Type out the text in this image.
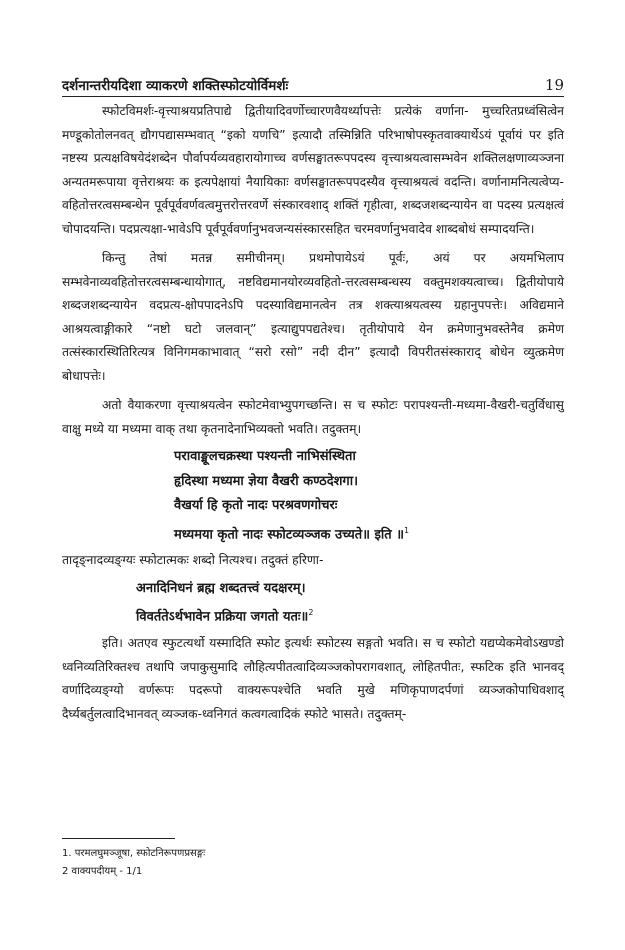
दर्शनान्तरीयदिशा व्याकरणे शक्तिस्फोटयोर्विमर्शः	19

स्फोटविमर्शः-वृत्त्याश्रयप्रतिपाद्ये द्वितीयादिवर्णोच्चारणवैयर्थ्यापत्तेः प्रत्येकं वर्णाना- मुच्चरितप्रध्वंसित्वेन मण्डूकोतोलनवत् द्यौगपद्यासम्भवात् “इको यणचि” इत्यादौ तस्मिन्निति परिभाषोपस्कृतवाक्यार्थेऽयं पूर्वायं पर इति नष्टस्य प्रत्यक्षविषयेदंशब्देन पौर्वापर्यव्यवहारायोगाच्च वर्णसङ्घातरूपपदस्य वृत्त्याश्रयत्वासम्भवेन शक्तिलक्षणाव्यञ्जना अन्यतमरूपाया वृत्तेराश्रयः क इत्यपेक्षायां नैयायिकाः वर्णसङ्घातरूपपदस्यैव वृत्त्याश्रयत्वं वदन्ति। वर्णानामनित्यत्वेप्य-वहितोत्तरत्वसम्बन्धेन पूर्वपूर्ववर्णवत्वमुत्तरोत्तरवर्णे संस्कारवशाद् शक्तिं गृहीत्वा, शब्दजशब्दन्यायेन वा पदस्य प्रत्यक्षत्वं चोपादयन्ति। पदप्रत्यक्षा-भावेऽपि पूर्वपूर्ववर्णानुभवजन्यसंस्कारसहित चरमवर्णानुभवादेव शाब्दबोधं सम्पादयन्ति।

किन्तु तेषां मतन्न समीचीनम्। प्रथमोपायेऽयं पूर्वः, अयं पर अयमभिलाप सम्भवेनाव्यवहितोत्तरत्वसम्बन्धायोगात्, नष्टविद्यमानयोरव्यवहितो-त्तरत्वसम्बन्धस्य वक्तुमशक्यत्वाच्च। द्वितीयोपाये शब्दजशब्दन्यायेन वदप्रत्य-क्षोपपादनेऽपि पदस्याविद्यमानत्वेन तत्र शक्त्याश्रयत्वस्य ग्रहानुपपत्तेः। अविद्यमाने आश्रयत्वाङ्गीकारे “नष्टो घटो जलवान्” इत्याद्युपपद्यतेश्च। तृतीयोपाये येन क्रमेणानुभवस्तेनैव क्रमेण तत्संस्कारस्थितिरित्यत्र विनिगमकाभावात् “सरो रसो” नदी दीन” इत्यादौ विपरीतसंस्काराद् बोधेन व्युत्क्रमेण बोधापत्तेः।

अतो वैयाकरणा वृत्त्याश्रयत्वेन स्फोटमेवाभ्युपगच्छन्ति। स च स्फोटः परापश्यन्ती-मध्यमा-वैखरी-चतुर्विधासु वाक्षु मध्ये या मध्यमा वाक् तथा कृतनादेनाभिव्यक्तो भवति। तदुक्तम्।

परावाङ्मूलचक्रस्था पश्यन्ती नाभिसंस्थिता
हृदिस्था मध्यमा ज्ञेया वैखरी कण्ठदेशगा।
वैखर्या हि कृतो नादः परश्रवणगोचरः
मध्यमया कृतो नादः स्फोटव्यञ्जक उच्यते॥ इति ॥$^1$

तादृङ्नादव्यङ्ग्यः स्फोटात्मकः शब्दो नित्यश्च। तदुक्तं हरिणा-

अनादिनिधनं ब्रह्म शब्दतत्त्वं यदक्षरम्।
विवर्ततेऽर्थभावेन प्रक्रिया जगतो यतः॥$^2$

इति। अतएव स्फुटत्यर्थो यस्मादिति स्फोट इत्यर्थः स्फोटस्य सङ्गतो भवति। स च स्फोटो यद्यप्येकमेवोऽखण्डो ध्वनिव्यतिरिक्तश्च तथापि जपाकुसुमादि लौहित्यपीतत्वादिव्यञ्जकोपरागवशात्, लोहितपीतः, स्फटिक इति भानवद् वर्णादिव्यङ्ग्यो वर्णरूपः पदरूपो वाक्यरूपश्चेति भवति मुखे मणिकृपाणदर्पणां व्यञ्जकोपाधिवशाद् दैर्घ्यबर्तुलत्वादिभानवत् व्यञ्जक-ध्वनिगतं कत्वगत्वादिकं स्फोटे भासते। तदुक्तम्-

1. परमलघुमञ्जूषा, स्फोटनिरूपणप्रसङ्गः
2 वाक्यपदीयम् - 1/1
